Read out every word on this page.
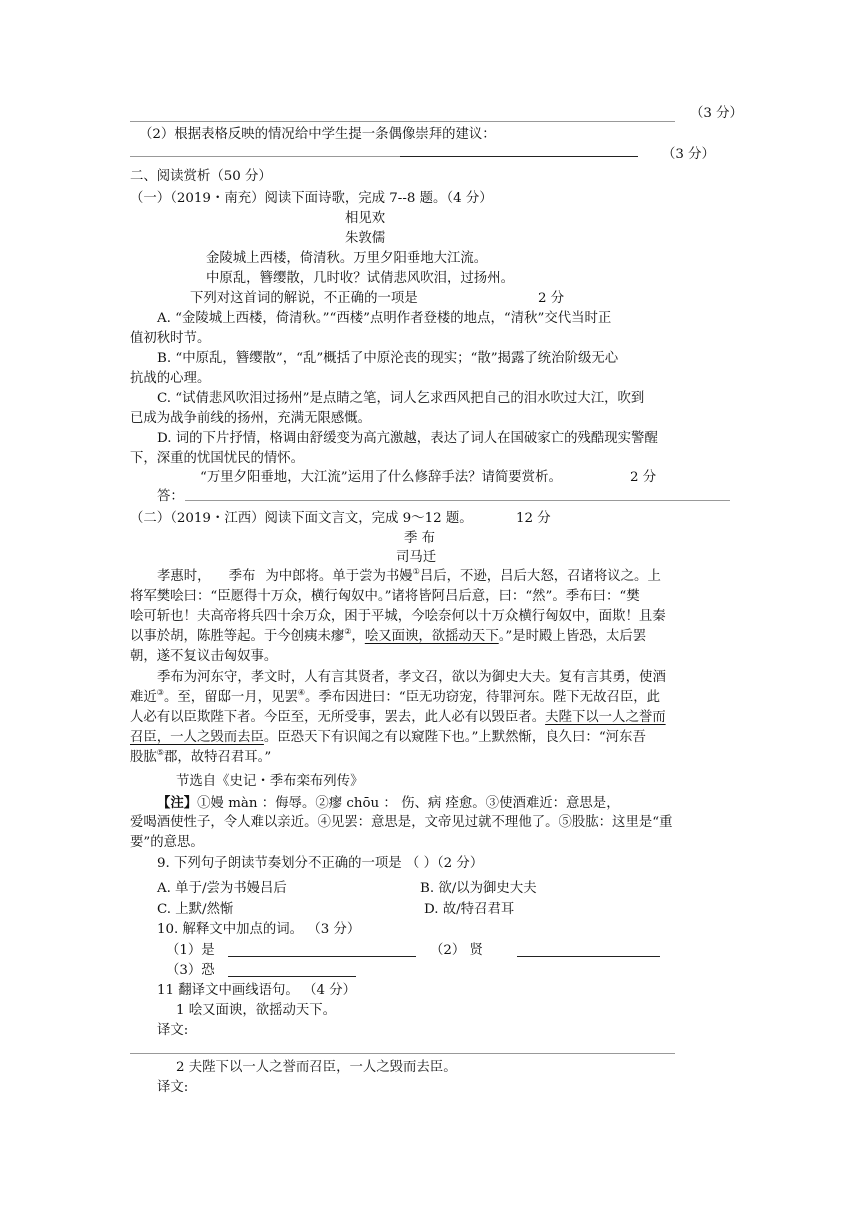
（3 分）
（2）根据表格反映的情况给中学生提一条偶像崇拜的建议：
（3 分）
二、阅读赏析（50 分）
（一）（2019・南充）阅读下面诗歌，完成 7--8 题。（4 分）
相见欢
朱敦儒
金陵城上西楼，倚清秋。万里夕阳垂地大江流。
中原乱，簪缨散，几时收？试倩悲风吹泪，过扬州。
下列对这首词的解说，不正确的一项是	2 分
A. “金陵城上西楼，倚清秋。”“西楼”点明作者登楼的地点，“清秋”交代当时正
值初秋时节。
B. “中原乱，簪缨散”，“乱”概括了中原沦丧的现实；“散”揭露了统治阶级无心
抗战的心理。
C. “试倩悲风吹泪过扬州”是点睛之笔，词人乞求西风把自己的泪水吹过大江，吹到
已成为战争前线的扬州，充满无限感慨。
D. 词的下片抒情，格调由舒缓变为高亢激越，表达了词人在国破家亡的残酷现实警醒
下，深重的忧国忧民的情怀。
“万里夕阳垂地，大江流”运用了什么修辞手法？请简要赏析。	2 分
答：
（二）（2019・江西）阅读下面文言文，完成 9～12 题。	12 分
季 布
司马迁
孝惠时， 季布 为中郎将。单于尝为书嫚①吕后，不逊，吕后大怒，召诸将议之。上
将军樊哙曰：“臣愿得十万众，横行匈奴中。”诸将皆阿吕后意，曰：“然”。季布曰：“樊
哙可斩也！夫高帝将兵四十余万众，困于平城，今哙奈何以十万众横行匈奴中，面欺！且秦
以事於胡，陈胜等起。于今创痍未瘳②，哙又面谀，欲摇动天下。”是时殿上皆恐，太后罢
朝，遂不复议击匈奴事。
季布为河东守，孝文时，人有言其贤者，孝文召，欲以为御史大夫。复有言其勇，使酒
难近③。至，留邸一月，见罢④。季布因进曰：“臣无功窃宠，待罪河东。陛下无故召臣，此
人必有以臣欺陛下者。今臣至，无所受事，罢去，此人必有以毁臣者。夫陛下以一人之誉而
召臣，一人之毁而去臣。臣恐天下有识闻之有以窥陛下也。”上默然惭，良久曰：“河东吾
股肱⑤郡，故特召君耳。”
节选自《史记・季布栾布列传》
【注】①嫚 màn ：侮辱。②瘳 chōu ： 伤、病 痊愈。③使酒难近：意思是，
爱喝酒使性子，令人难以亲近。④见罢：意思是，文帝见过就不理他了。⑤股肱：这里是“重
要”的意思。
9. 下列句子朗读节奏划分不正确的一项是 （ ）（2 分）
A. 单于/尝为书嫚吕后	B. 欲/以为御史大夫
C. 上默/然惭	D. 故/特召君耳
10. 解释文中加点的词。 （3 分）
（1）是	（2） 贤
（3）恐
11 翻译文中画线语句。 （4 分）
1 哙又面谀，欲摇动天下。
译文:
2 夫陛下以一人之誉而召臣，一人之毁而去臣。
译文:
